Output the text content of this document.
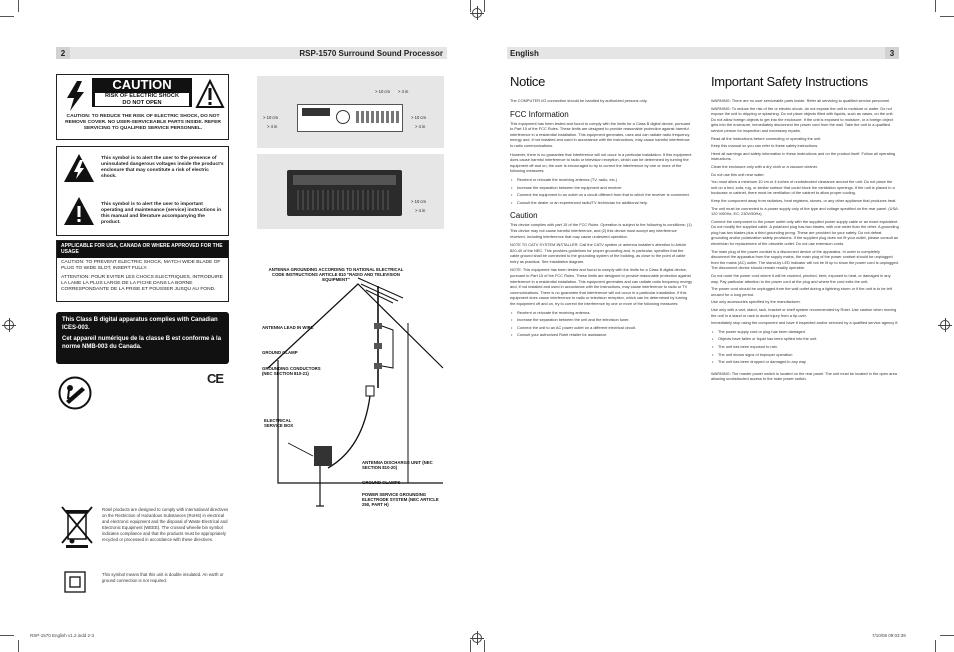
2	RSP-1570 Surround Sound Processor	English	3
CAUTION
RISK OF ELECTRIC SHOCK
DO NOT OPEN
CAUTION: TO REDUCE THE RISK OF ELECTRIC SHOCK, DO NOT REMOVE COVER. NO USER-SERVICEABLE PARTS INSIDE. REFER SERVICING TO QUALIFIED SERVICE PERSONNEL.
This symbol is to alert the user to the presence of uninsulated dangerous voltages inside the product's enclosure that may constitute a risk of electric shock.
This symbol is to alert the user to important operating and maintenance (service) instructions in this manual and literature accompanying the product.
APPLICABLE FOR USA, CANADA OR WHERE APPROVED FOR THE USAGE
CAUTION: TO PREVENT ELECTRIC SHOCK, MATCH WIDE BLADE OF PLUG TO WIDE SLOT, INSERT FULLY.
ATTENTION: POUR EVITER LES CHOCS ELECTRIQUES, INTRODUIRE LA LAME LA PLUS LARGE DE LA FICHE DANS LA BORNE CORRESPONDANTE DE LA PRISE ET POUSSER JUSQU AU FOND.
This Class B digital apparatus complies with Canadian ICES-003.
Cet appareil numérique de la classe B est conforme à la norme NMB-003 du Canada.
CE
Rotel products are designed to comply with international directives on the Restriction of Hazardous Substances (RoHS) in electrical and electronic equipment and the disposal of Waste Electrical and Electronic Equipment (WEEE). The crossed wheelie bin symbol indicates compliance and that the products must be appropriately recycled or processed in accordance with these directives.
This symbol means that this unit is double insulated. An earth or ground connection is not required.
> 10 cm > 4 in
> 10 cm
> 4 in
> 10 cm
> 4 in
> 10 cm
> 4 in
ANTENNA GROUNDING ACCORDING TO NATIONAL ELECTRICAL CODE INSTRUCTIONS ARTICLE 810 "RADIO AND TELEVISION EQUIPMENT"
ANTENNA LEAD IN WIRE
GROUND CLAMP
GROUNDING CONDUCTORS (NEC SECTION 810-21)
ELECTRICAL SERVICE BOX
ANTENNA DISCHARGE UNIT (NEC SECTION 810-20)
GROUND CLAMPS
POWER SERVICE GROUNDING ELECTRODE SYSTEM (NEC ARTICLE 250, PART H)
Notice
The COMPUTER I/O connection should be handled by authorized persons only.
FCC Information
This equipment has been tested and found to comply with the limits for a Class B digital device, pursuant to Part 15 of the FCC Rules. These limits are designed to provide reasonable protection against harmful interference in a residential installation. This equipment generates, uses and can radiate radio frequency energy and, if not installed and used in accordance with the instructions, may cause harmful interference to radio communications.
However, there is no guarantee that interference will not occur in a particular installation. If this equipment does cause harmful interference to radio or television reception, which can be determined by turning the equipment off and on, the user is encouraged to try to correct the interference by one or more of the following measures:
• Reorient or relocate the receiving antenna (TV, radio, etc.)
• Increase the separation between the equipment and receiver
• Connect the equipment to an outlet on a circuit different from that to which the receiver is connected.
• Consult the dealer or an experienced radio/TV technician for additional help.
Caution
This device complies with part 15 of the FCC Rules. Operation is subject to the following to conditions: (1) This device may not cause harmful interference, and (2) this device must accept any interference received, including interference that may cause undesired operation.
NOTE TO CATV SYSTEM INSTALLER: Call the CATV system or antenna installer's attention to Article 820-40 of the NEC. This provides guidelines for proper grounding and, in particular, specifies that the cable ground shall be connected to the grounding system of the building, as close to the point of cable entry as practical. See installation diagram.
NOTE: This equipment has been tested and found to comply with the limits for a Class B digital device, pursuant to Part 15 of the FCC Rules. These limits are designed to provide reasonable protection against interference in a residential installation. This equipment generates and can radiate radio frequency energy and, if not installed and used in accordance with the instructions, may cause interference to radio or TV communications. There is no guarantee that interference will not occur in a particular installation. If this equipment does cause interference to radio or television reception, which can be determined by turning the equipment off and on, try to correct the interference by one or more of the following measures:
• Reorient or relocate the receiving antenna.
• Increase the separation between the unit and the television tuner.
• Connect the unit to an AC power outlet on a different electrical circuit.
• Consult your authorized Rotel retailer for assistance.
Important Safety Instructions
WARNING: There are no user serviceable parts inside. Refer all servicing to qualified service personnel.
WARNING: To reduce the risk of fire or electric shock, do not expose the unit to moisture or water. Do not expose the unit to dripping or splashing. Do not place objects filled with liquids, such as vases, on the unit. Do not allow foreign objects to get into the enclosure. If the unit is exposed to moisture, or a foreign object gets into the enclosure, immediately disconnect the power cord from the wall. Take the unit to a qualified service person for inspection and necessary repairs.
Read all the instructions before connecting or operating the unit.
Keep this manual so you can refer to these safety instructions.
Heed all warnings and safety information in these instructions and on the product itself. Follow all operating instructions.
Clean the enclosure only with a dry cloth or a vacuum cleaner.
Do not use this unit near water.
You must allow a minimum 10 cm or 4 inches of unobstructed clearance around the unit. Do not place the unit on a bed, sofa, rug, or similar surface that could block the ventilation openings. If the unit is placed in a bookcase or cabinet, there must be ventilation of the cabinet to allow proper cooling.
Keep the component away from radiators, heat registers, stoves, or any other appliance that produces heat.
The unit must be connected to a power supply only of the type and voltage specified on the rear panel. (USA: 120 V/60Hz, EC: 230V/50Hz)
Connect the component to the power outlet only with the supplied power supply cable or an exact equivalent. Do not modify the supplied cable. A polarized plug has two blades, with one wider than the other. A grounding plug has two blades plus a third grounding prong. These are provided for your safety. Do not defeat grounding and/or polarization safety provisions. If the supplied plug does not fit your outlet, please consult an electrician for replacement of the obsolete outlet. Do not use extension cords.
The main plug of the power cordset is a disconnect device of the apparatus. In order to completely disconnect the apparatus from the supply mains, the main plug of the power cordset should be unplugged from the mains (AC) outlet. The stand-by LED indicator will not be lit up to show the power cord is unplugged. The disconnect device should remain readily operable.
Do not route the power cord where it will be crushed, pinched, bent, exposed to heat, or damaged in any way. Pay particular attention to the power cord at the plug and where the cord exits the unit.
The power cord should be unplugged from the wall outlet during a lightning storm or if the unit is to be left unused for a long period.
Use only accessories specified by the manufacturer.
Use only with a cart, stand, rack, bracket or shelf system recommended by Rotel. Use caution when moving the unit in a stand or rack to avoid injury from a tip-over.
Immediately stop using the component and have it inspected and/or serviced by a qualified service agency if:
• The power supply cord or plug has been damaged.
• Objects have fallen or liquid has been spilled into the unit.
• The unit has been exposed to rain.
• The unit shows signs of improper operation
• The unit has been dropped or damaged in any way
WARNING: The master power switch is located on the rear panel. The unit must be located in the open area allowing unobstructed access to the main power switch.
RSP-1570 English v1.2.indd 2-3	7/10/08 09:03:39
